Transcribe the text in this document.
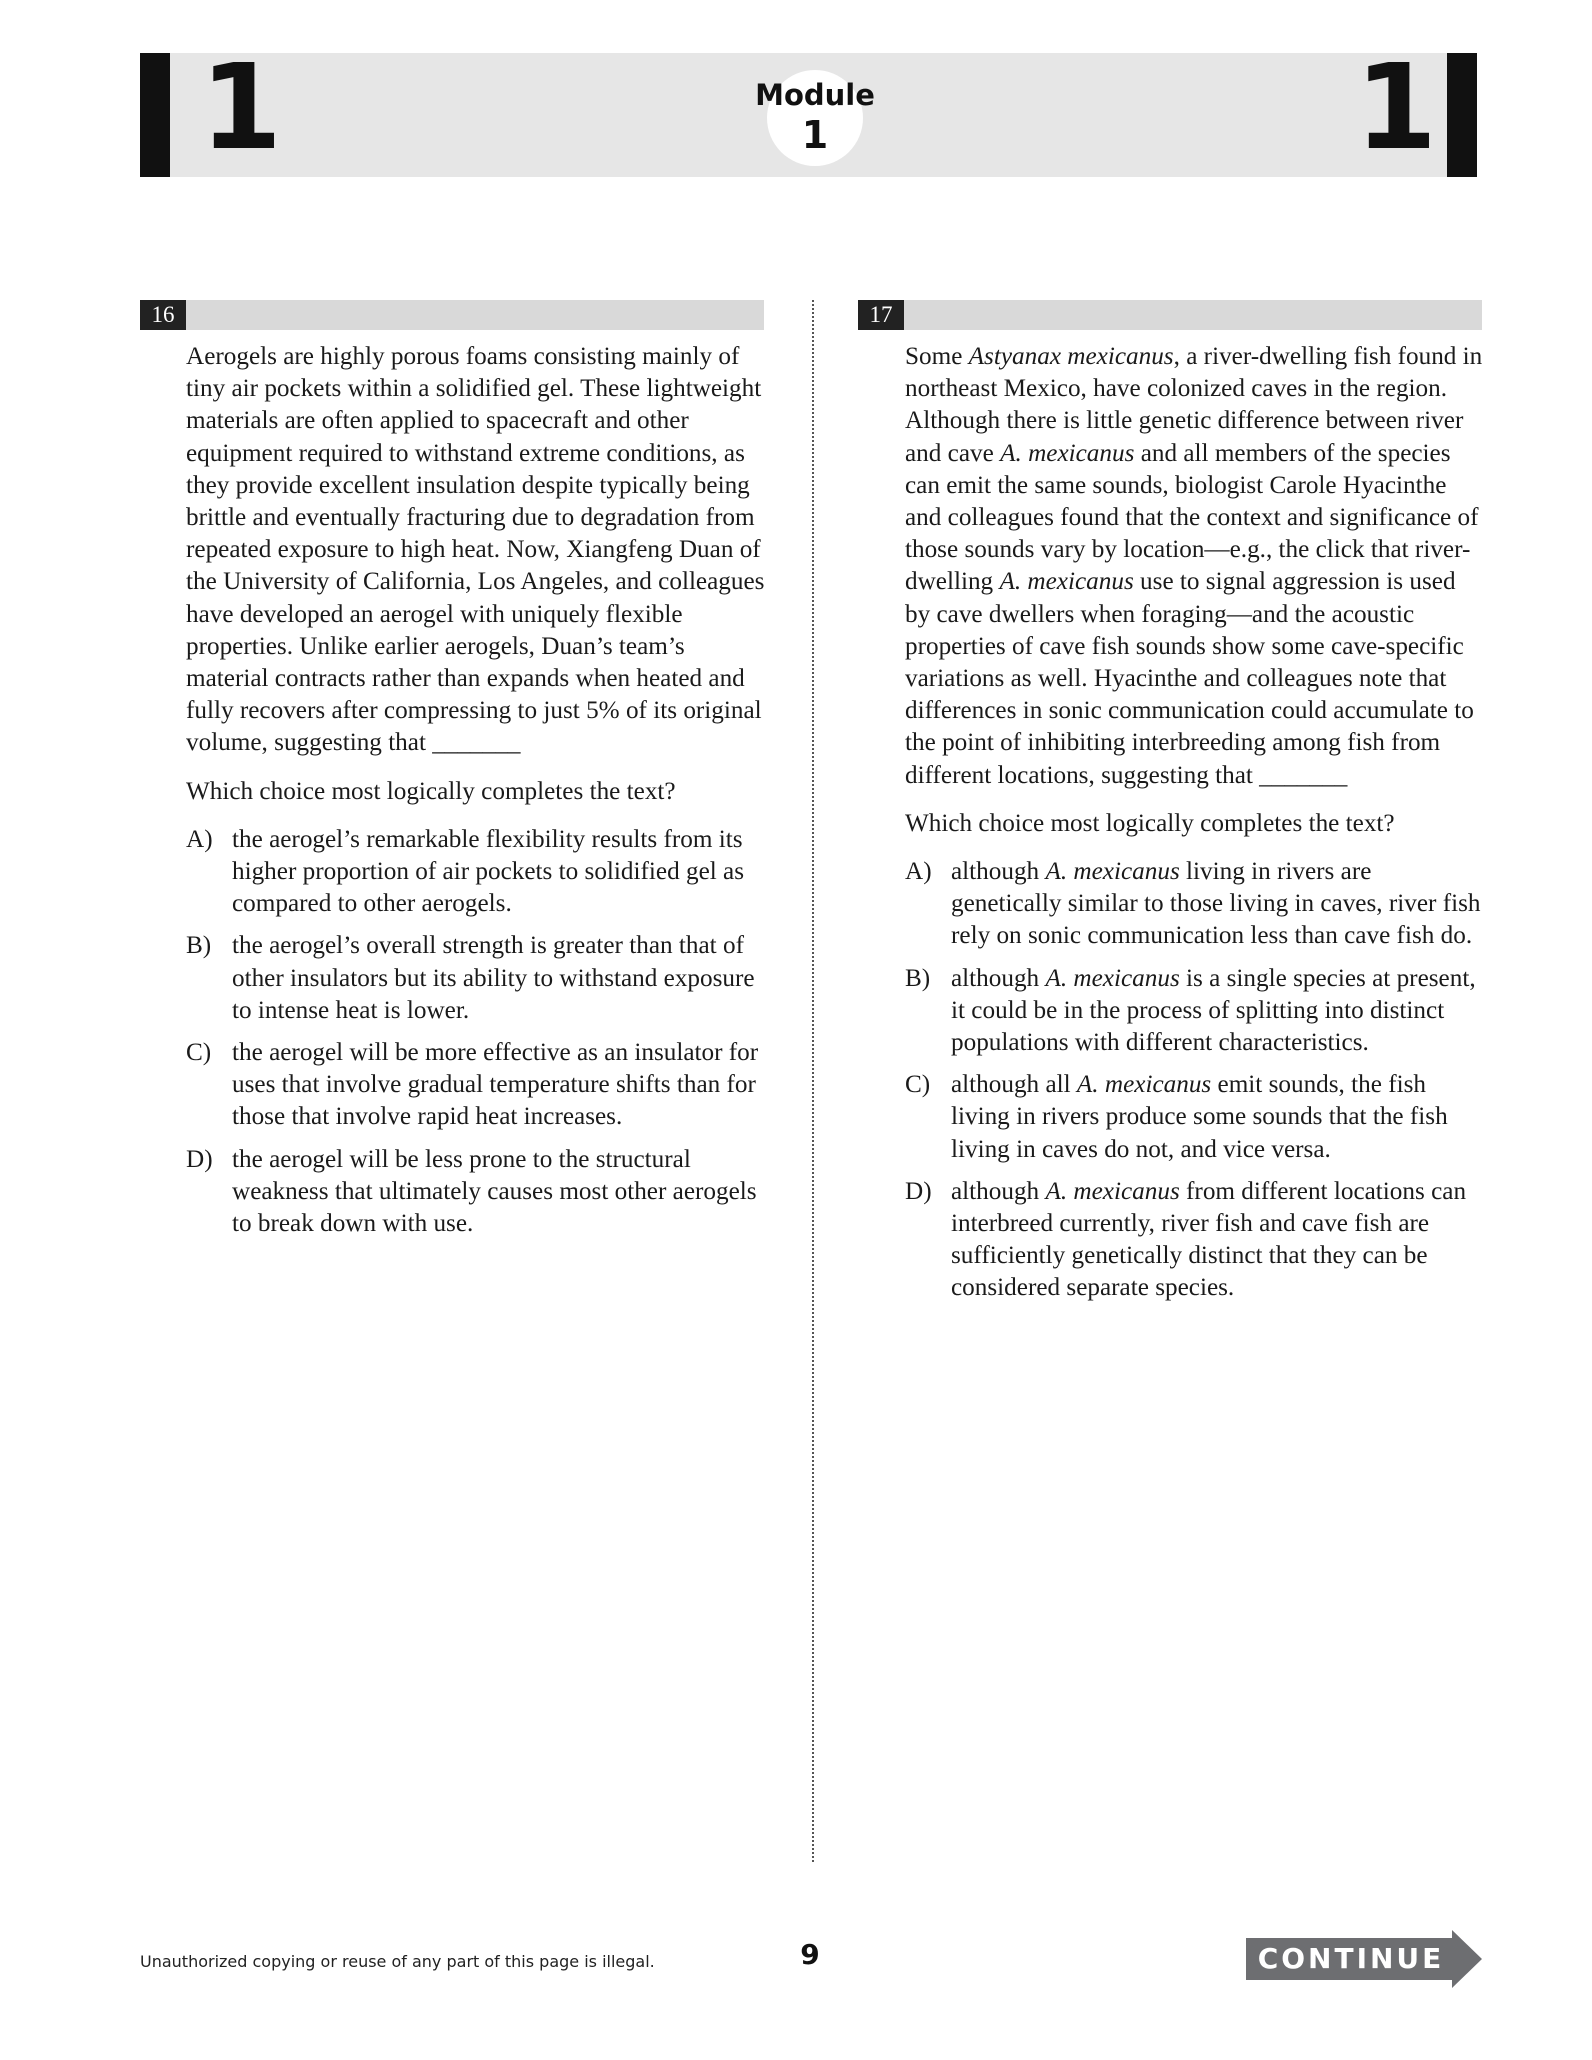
1	1
Module
1
16

Aerogels are highly porous foams consisting mainly of tiny air pockets within a solidified gel. These lightweight materials are often applied to spacecraft and other equipment required to withstand extreme conditions, as they provide excellent insulation despite typically being brittle and eventually fracturing due to degradation from repeated exposure to high heat. Now, Xiangfeng Duan of the University of California, Los Angeles, and colleagues have developed an aerogel with uniquely flexible properties. Unlike earlier aerogels, Duan’s team’s material contracts rather than expands when heated and fully recovers after compressing to just 5% of its original volume, suggesting that _______

Which choice most logically completes the text?

A) the aerogel’s remarkable flexibility results from its higher proportion of air pockets to solidified gel as compared to other aerogels.
B) the aerogel’s overall strength is greater than that of other insulators but its ability to withstand exposure to intense heat is lower.
C) the aerogel will be more effective as an insulator for uses that involve gradual temperature shifts than for those that involve rapid heat increases.
D) the aerogel will be less prone to the structural weakness that ultimately causes most other aerogels to break down with use.
17

Some Astyanax mexicanus, a river-dwelling fish found in northeast Mexico, have colonized caves in the region. Although there is little genetic difference between river and cave A. mexicanus and all members of the species can emit the same sounds, biologist Carole Hyacinthe and colleagues found that the context and significance of those sounds vary by location—e.g., the click that river-dwelling A. mexicanus use to signal aggression is used by cave dwellers when foraging—and the acoustic properties of cave fish sounds show some cave-specific variations as well. Hyacinthe and colleagues note that differences in sonic communication could accumulate to the point of inhibiting interbreeding among fish from different locations, suggesting that _______

Which choice most logically completes the text?

A) although A. mexicanus living in rivers are genetically similar to those living in caves, river fish rely on sonic communication less than cave fish do.
B) although A. mexicanus is a single species at present, it could be in the process of splitting into distinct populations with different characteristics.
C) although all A. mexicanus emit sounds, the fish living in rivers produce some sounds that the fish living in caves do not, and vice versa.
D) although A. mexicanus from different locations can interbreed currently, river fish and cave fish are sufficiently genetically distinct that they can be considered separate species.
Unauthorized copying or reuse of any part of this page is illegal.	9	CONTINUE
